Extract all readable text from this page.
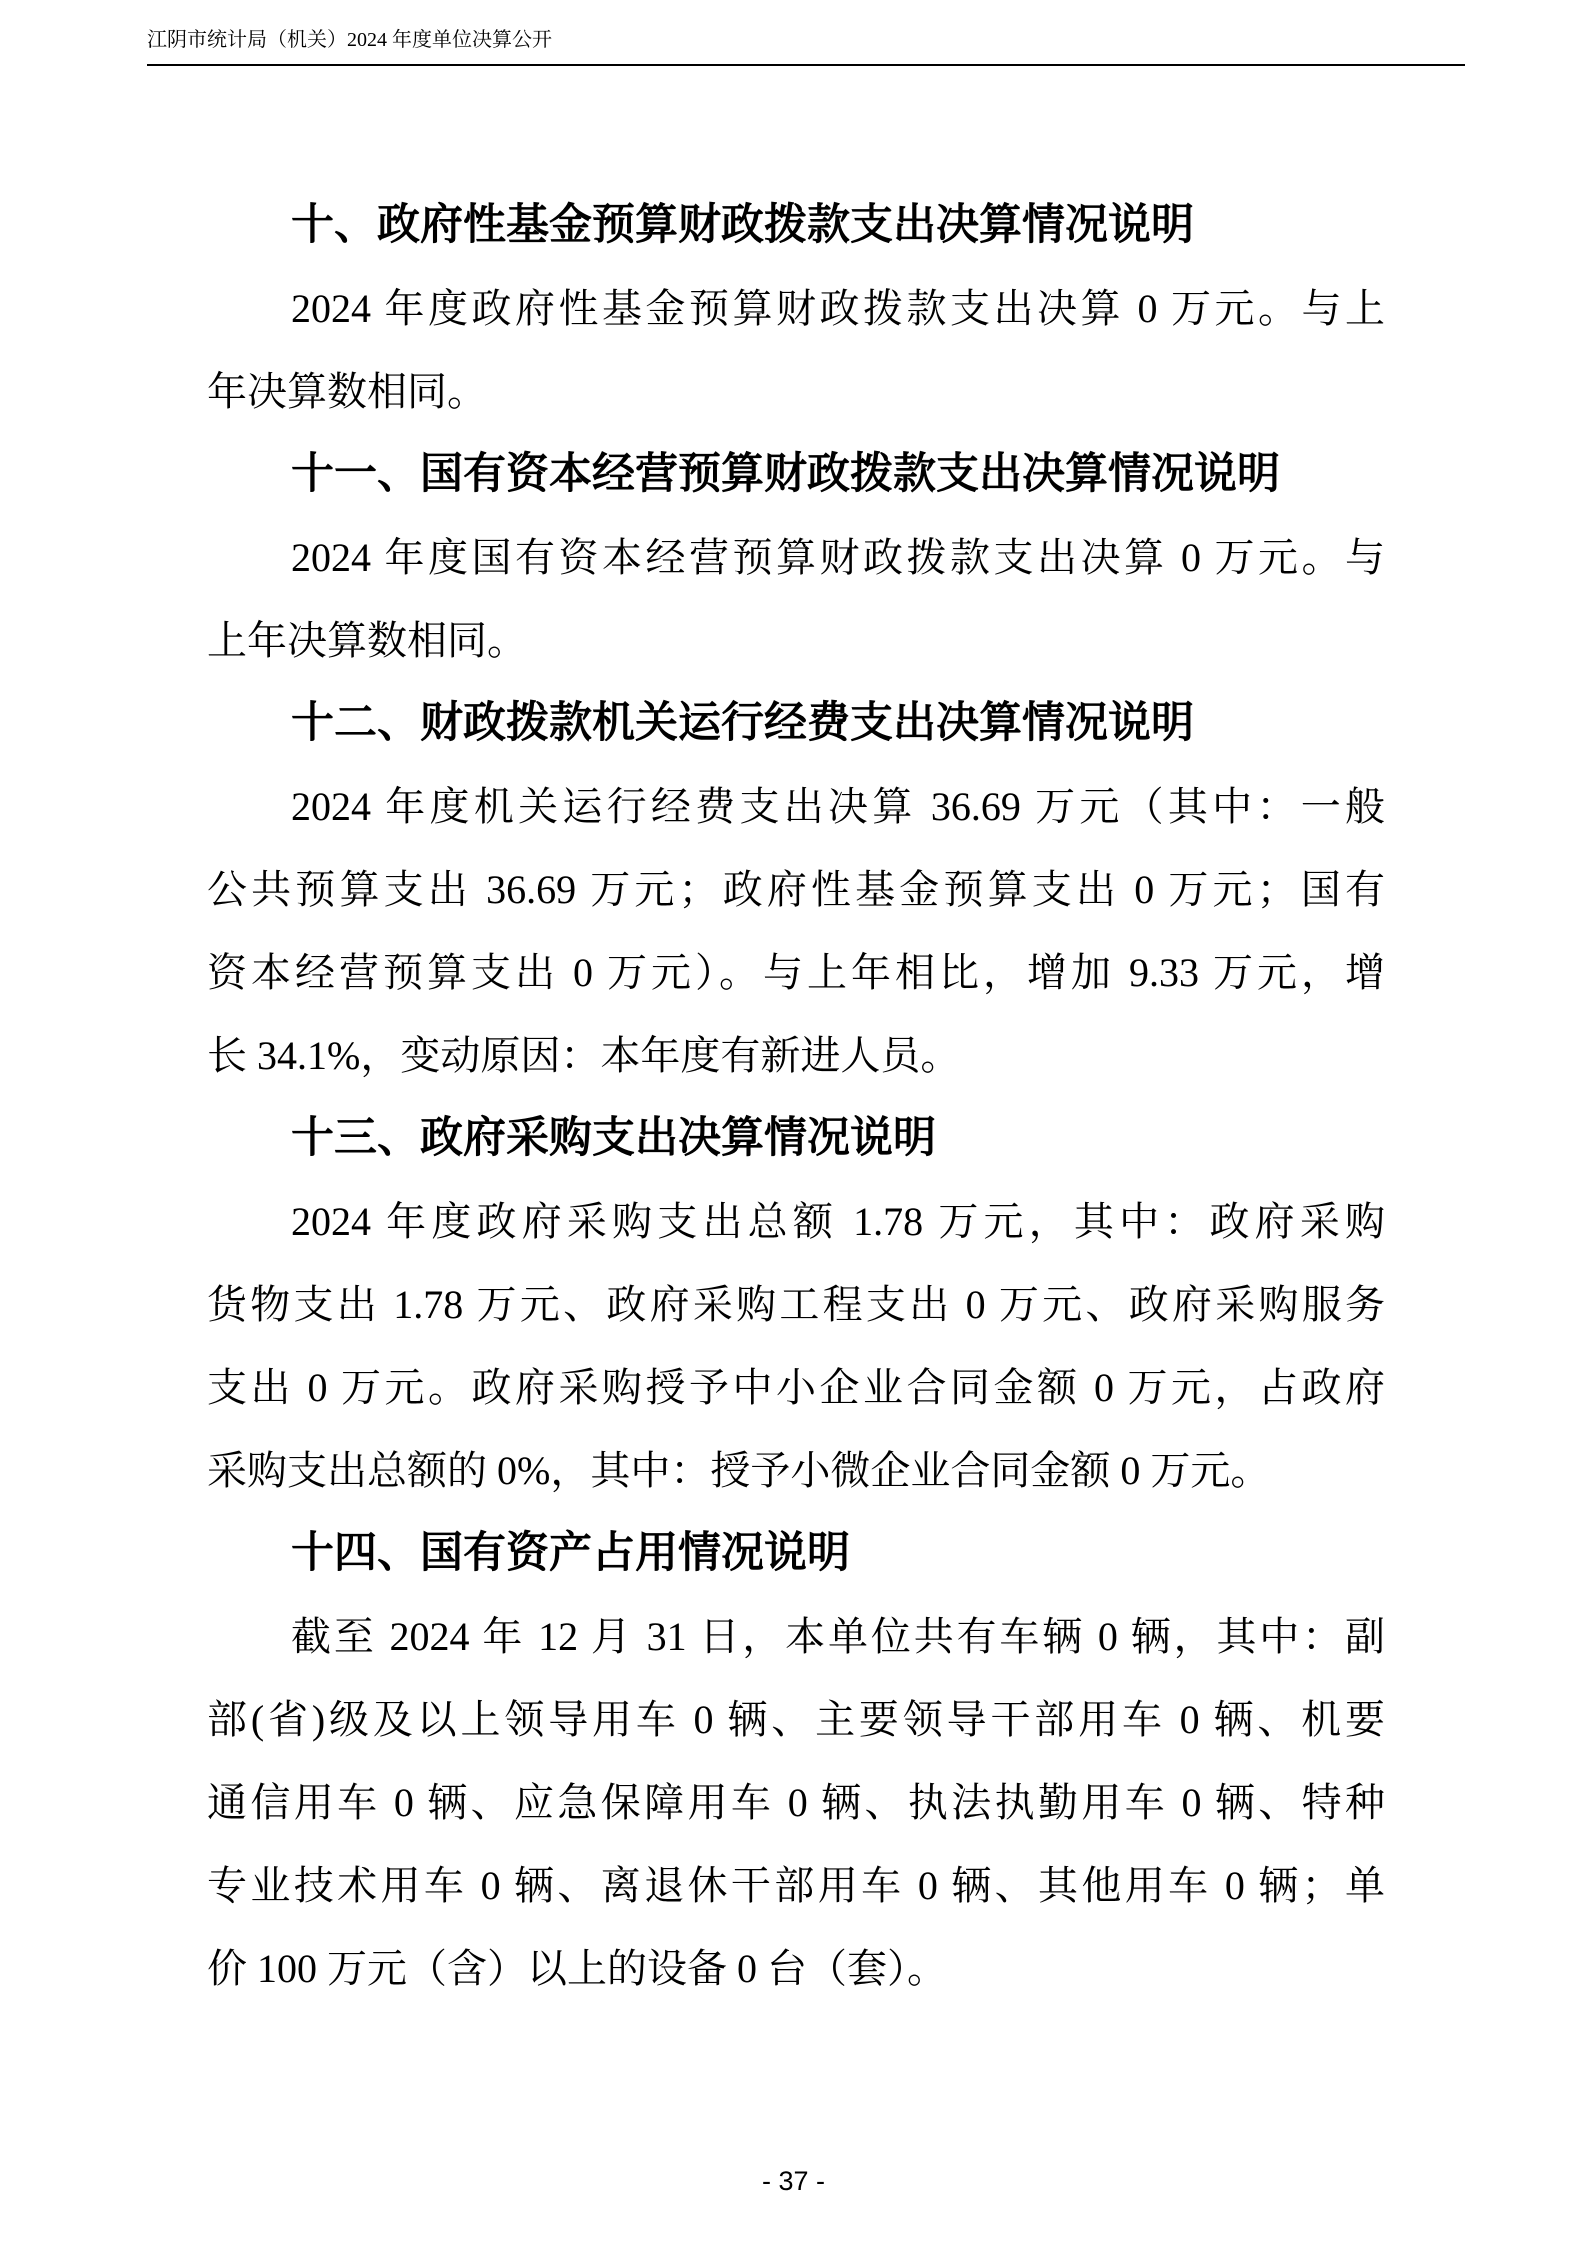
江阴市统计局（机关）2024 年度单位决算公开
十、政府性基金预算财政拨款支出决算情况说明

2024 年度政府性基金预算财政拨款支出决算 0 万元。与上

年决算数相同。

十一、国有资本经营预算财政拨款支出决算情况说明

2024 年度国有资本经营预算财政拨款支出决算 0 万元。与

上年决算数相同。

十二、财政拨款机关运行经费支出决算情况说明

2024 年度机关运行经费支出决算 36.69 万元（其中：一般

公共预算支出 36.69 万元；政府性基金预算支出 0 万元；国有

资本经营预算支出 0 万元）。与上年相比，增加 9.33 万元，增

长 34.1%，变动原因：本年度有新进人员。

十三、政府采购支出决算情况说明

2024 年度政府采购支出总额 1.78 万元，其中：政府采购

货物支出 1.78 万元、政府采购工程支出 0 万元、政府采购服务

支出 0 万元。政府采购授予中小企业合同金额 0 万元，占政府

采购支出总额的 0%，其中：授予小微企业合同金额 0 万元。

十四、国有资产占用情况说明

截至 2024 年 12 月 31 日，本单位共有车辆 0 辆，其中：副

部(省)级及以上领导用车 0 辆、主要领导干部用车 0 辆、机要

通信用车 0 辆、应急保障用车 0 辆、执法执勤用车 0 辆、特种

专业技术用车 0 辆、离退休干部用车 0 辆、其他用车 0 辆；单

价 100 万元（含）以上的设备 0 台（套）。

- 37 -
